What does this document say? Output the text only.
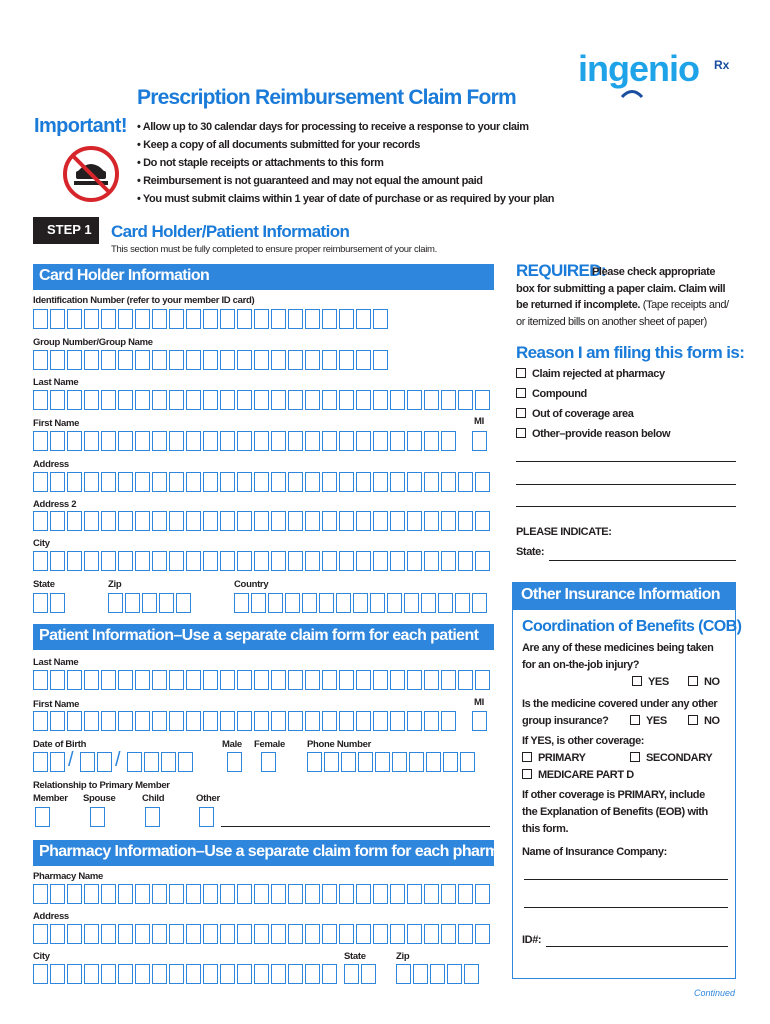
ingenio Rx
Prescription Reimbursement Claim Form
Important! • Allow up to 30 calendar days for processing to receive a response to your claim
• Keep a copy of all documents submitted for your records
• Do not staple receipts or attachments to this form
• Reimbursement is not guaranteed and may not equal the amount paid
• You must submit claims within 1 year of date of purchase or as required by your plan
STEP 1 Card Holder/Patient Information
This section must be fully completed to ensure proper reimbursement of your claim.
Card Holder Information
Identification Number (refer to your member ID card)
Group Number/Group Name
Last Name
First Name	MI
Address
Address 2
City
State	Zip	Country
Patient Information–Use a separate claim form for each patient
Last Name
First Name	MI
Date of Birth	Male Female Phone Number
/ /
Relationship to Primary Member
Member Spouse	Child	Other
Pharmacy Information–Use a separate claim form for each pharmacy
Pharmacy Name
Address
City	State	Zip
REQUIRED:
Please check appropriate
box for submitting a paper claim. Claim will
be returned if incomplete. (Tape receipts and/
or itemized bills on another sheet of paper)
Reason I am filing this form is:
Claim rejected at pharmacy
Compound
Out of coverage area
Other–provide reason below
PLEASE INDICATE:
State:
Other Insurance Information
Coordination of Benefits (COB)
Are any of these medicines being taken
for an on-the-job injury?
YES	NO
Is the medicine covered under any other
group insurance?	YES	NO
If YES, is other coverage:
PRIMARY	SECONDARY
MEDICARE PART D
If other coverage is PRIMARY, include
the Explanation of Benefits (EOB) with
this form.
Name of Insurance Company:
ID#:
Continued
